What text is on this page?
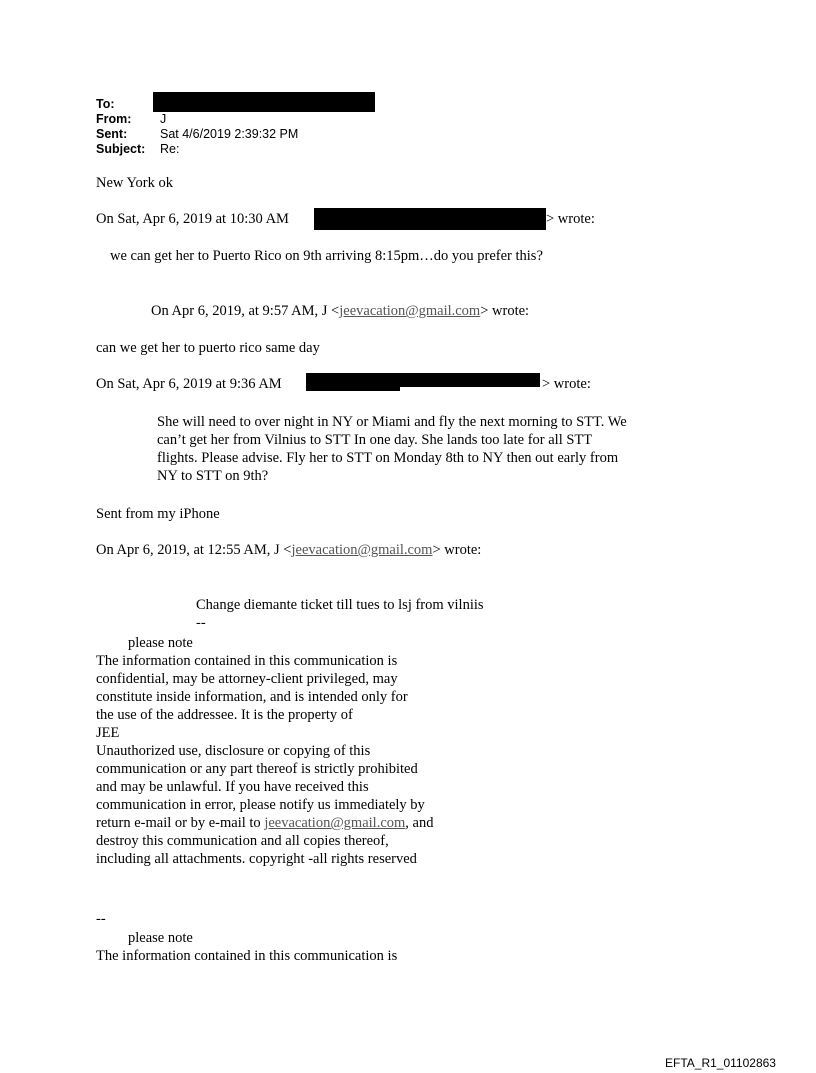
To:
From: J
Sent:	Sat 4/6/2019 2:39:32 PM
Subject: Re:
New York ok
On Sat, Apr 6, 2019 at 10:30 AM	> wrote:
we can get her to Puerto Rico on 9th arriving 8:15pm…do you prefer this?
On Apr 6, 2019, at 9:57 AM, J <jeevacation@gmail.com> wrote:
can we get her to puerto rico same day
On Sat, Apr 6, 2019 at 9:36 AM	> wrote:
She will need to over night in NY or Miami and fly the next morning to STT. We
can’t get her from Vilnius to STT In one day. She lands too late for all STT
flights. Please advise. Fly her to STT on Monday 8th to NY then out early from
NY to STT on 9th?
Sent from my iPhone
On Apr 6, 2019, at 12:55 AM, J <jeevacation@gmail.com> wrote:
Change diemante ticket till tues to lsj from vilniis
--
please note
The information contained in this communication is
confidential, may be attorney-client privileged, may
constitute inside information, and is intended only for
the use of the addressee. It is the property of
JEE
Unauthorized use, disclosure or copying of this
communication or any part thereof is strictly prohibited
and may be unlawful. If you have received this
communication in error, please notify us immediately by
return e-mail or by e-mail to jeevacation@gmail.com, and
destroy this communication and all copies thereof,
including all attachments. copyright -all rights reserved
--
please note
The information contained in this communication is
EFTA_R1_01102863
